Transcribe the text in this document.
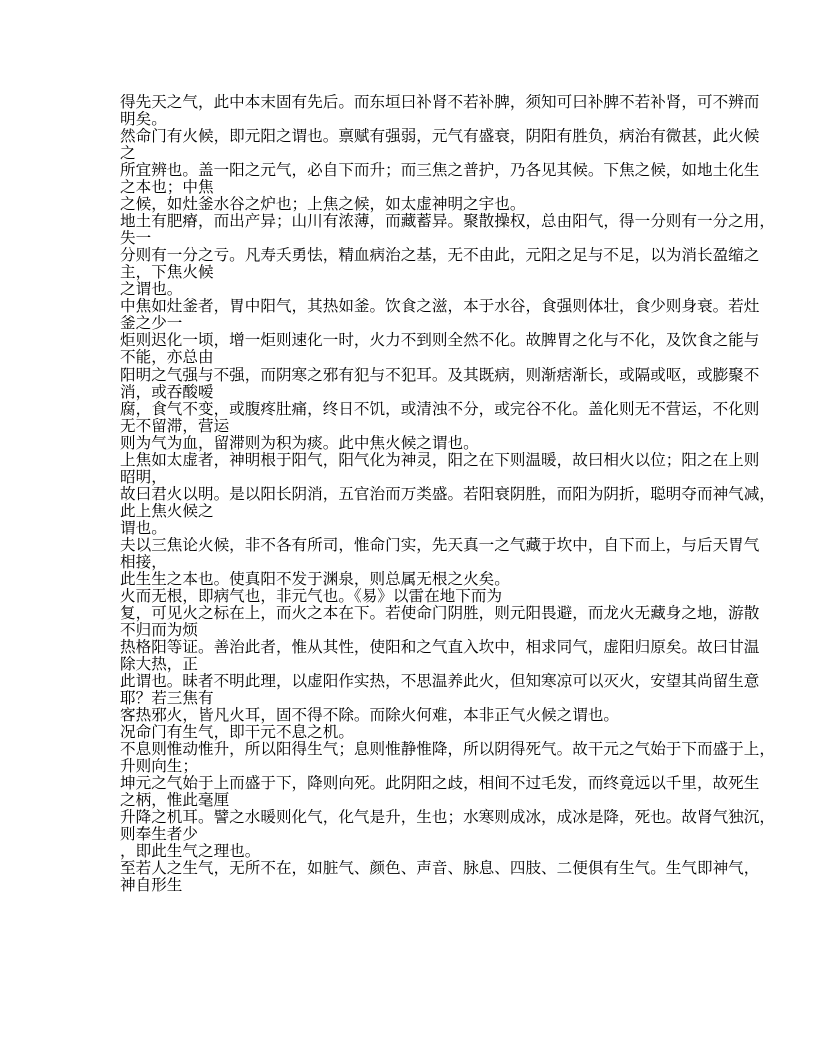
得先天之气，此中本末固有先后。而东垣曰补肾不若补脾，须知可曰补脾不若补肾，可不辨而
明矣。
然命门有火候，即元阳之谓也。禀赋有强弱，元气有盛衰，阴阳有胜负，病治有微甚，此火候
之
所宜辨也。盖一阳之元气，必自下而升；而三焦之普护，乃各见其候。下焦之候，如地土化生
之本也；中焦
之候，如灶釜水谷之炉也；上焦之候，如太虚神明之宇也。
地土有肥瘠，而出产异；山川有浓薄，而藏蓄异。聚散操权，总由阳气，得一分则有一分之用，
失一
分则有一分之亏。凡寿夭勇怯，精血病治之基，无不由此，元阳之足与不足，以为消长盈缩之
主，下焦火候
之谓也。
中焦如灶釜者，胃中阳气，其热如釜。饮食之滋，本于水谷，食强则体壮，食少则身衰。若灶
釜之少一
炬则迟化一顷，增一炬则速化一时，火力不到则全然不化。故脾胃之化与不化，及饮食之能与
不能，亦总由
阳明之气强与不强，而阴寒之邪有犯与不犯耳。及其既病，则渐痞渐长，或隔或呕，或膨聚不
消，或吞酸嗳
腐，食气不变，或腹疼肚痛，终日不饥，或清浊不分，或完谷不化。盖化则无不营运，不化则
无不留滞，营运
则为气为血，留滞则为积为痰。此中焦火候之谓也。
上焦如太虚者，神明根于阳气，阳气化为神灵，阳之在下则温暖，故曰相火以位；阳之在上则
昭明，
故曰君火以明。是以阳长阴消，五官治而万类盛。若阳衰阴胜，而阳为阴折，聪明夺而神气减，
此上焦火候之
谓也。
夫以三焦论火候，非不各有所司，惟命门实，先天真一之气藏于坎中，自下而上，与后天胃气
相接，
此生生之本也。使真阳不发于渊泉，则总属无根之火矣。
火而无根，即病气也，非元气也。《易》以雷在地下而为
复，可见火之标在上，而火之本在下。若使命门阴胜，则元阳畏避，而龙火无藏身之地，游散
不归而为烦
热格阳等证。善治此者，惟从其性，使阳和之气直入坎中，相求同气，虚阳归原矣。故曰甘温
除大热，正
此谓也。昧者不明此理，以虚阳作实热，不思温养此火，但知寒凉可以灭火，安望其尚留生意
耶？若三焦有
客热邪火，皆凡火耳，固不得不除。而除火何难，本非正气火候之谓也。
况命门有生气，即干元不息之机。
不息则惟动惟升，所以阳得生气；息则惟静惟降，所以阴得死气。故干元之气始于下而盛于上，
升则向生；
坤元之气始于上而盛于下，降则向死。此阴阳之歧，相间不过毛发，而终竟远以千里，故死生
之柄，惟此毫厘
升降之机耳。譬之水暖则化气，化气是升，生也；水寒则成冰，成冰是降，死也。故肾气独沉，
则奉生者少
，即此生气之理也。
至若人之生气，无所不在，如脏气、颜色、声音、脉息、四肢、二便俱有生气。生气即神气，
神自形生
